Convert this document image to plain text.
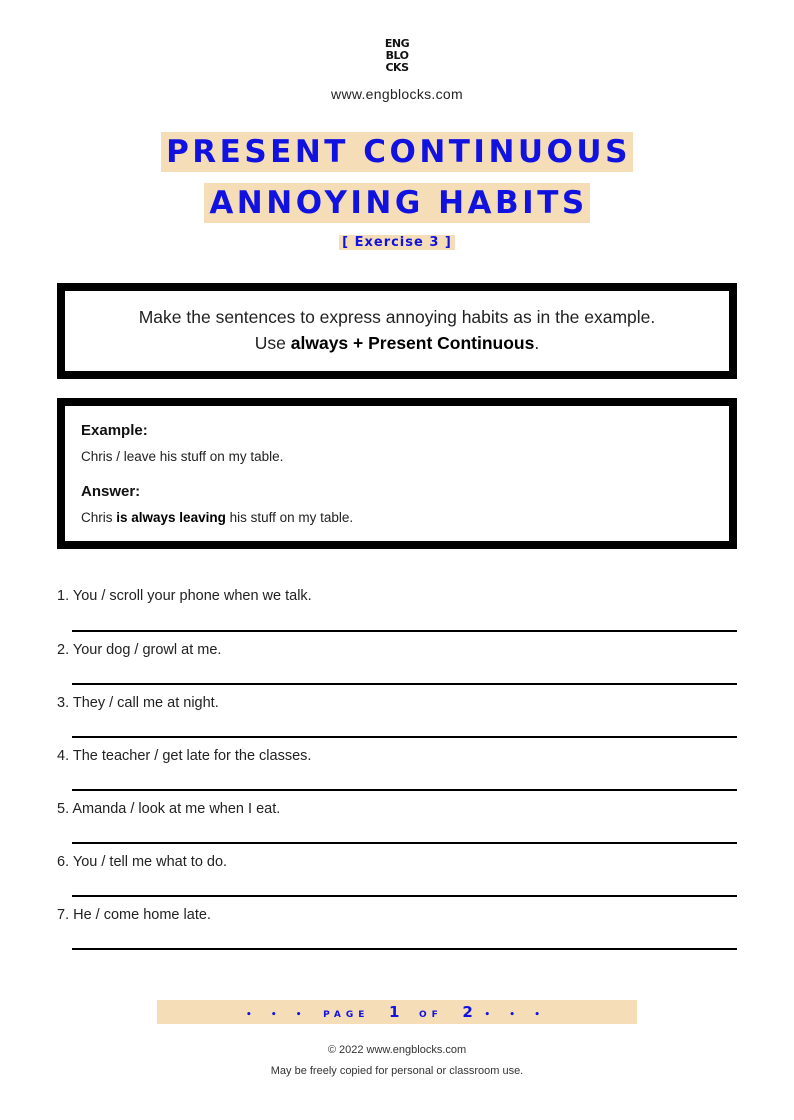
ENG
BLO
CKS
www.engblocks.com
PRESENT CONTINUOUS
ANNOYING HABITS
[ Exercise 3 ]
Make the sentences to express annoying habits as in the example.
Use always + Present Continuous.
Example:
Chris / leave his stuff on my table.
Answer:
Chris is always leaving his stuff on my table.
1. You / scroll your phone when we talk.
2. Your dog / growl at me.
3. They / call me at night.
4. The teacher / get late for the classes.
5. Amanda / look at me when I eat.
6. You / tell me what to do.
7. He / come home late.
• • • PAGE 1 OF 2 • • •
© 2022 www.engblocks.com
May be freely copied for personal or classroom use.
